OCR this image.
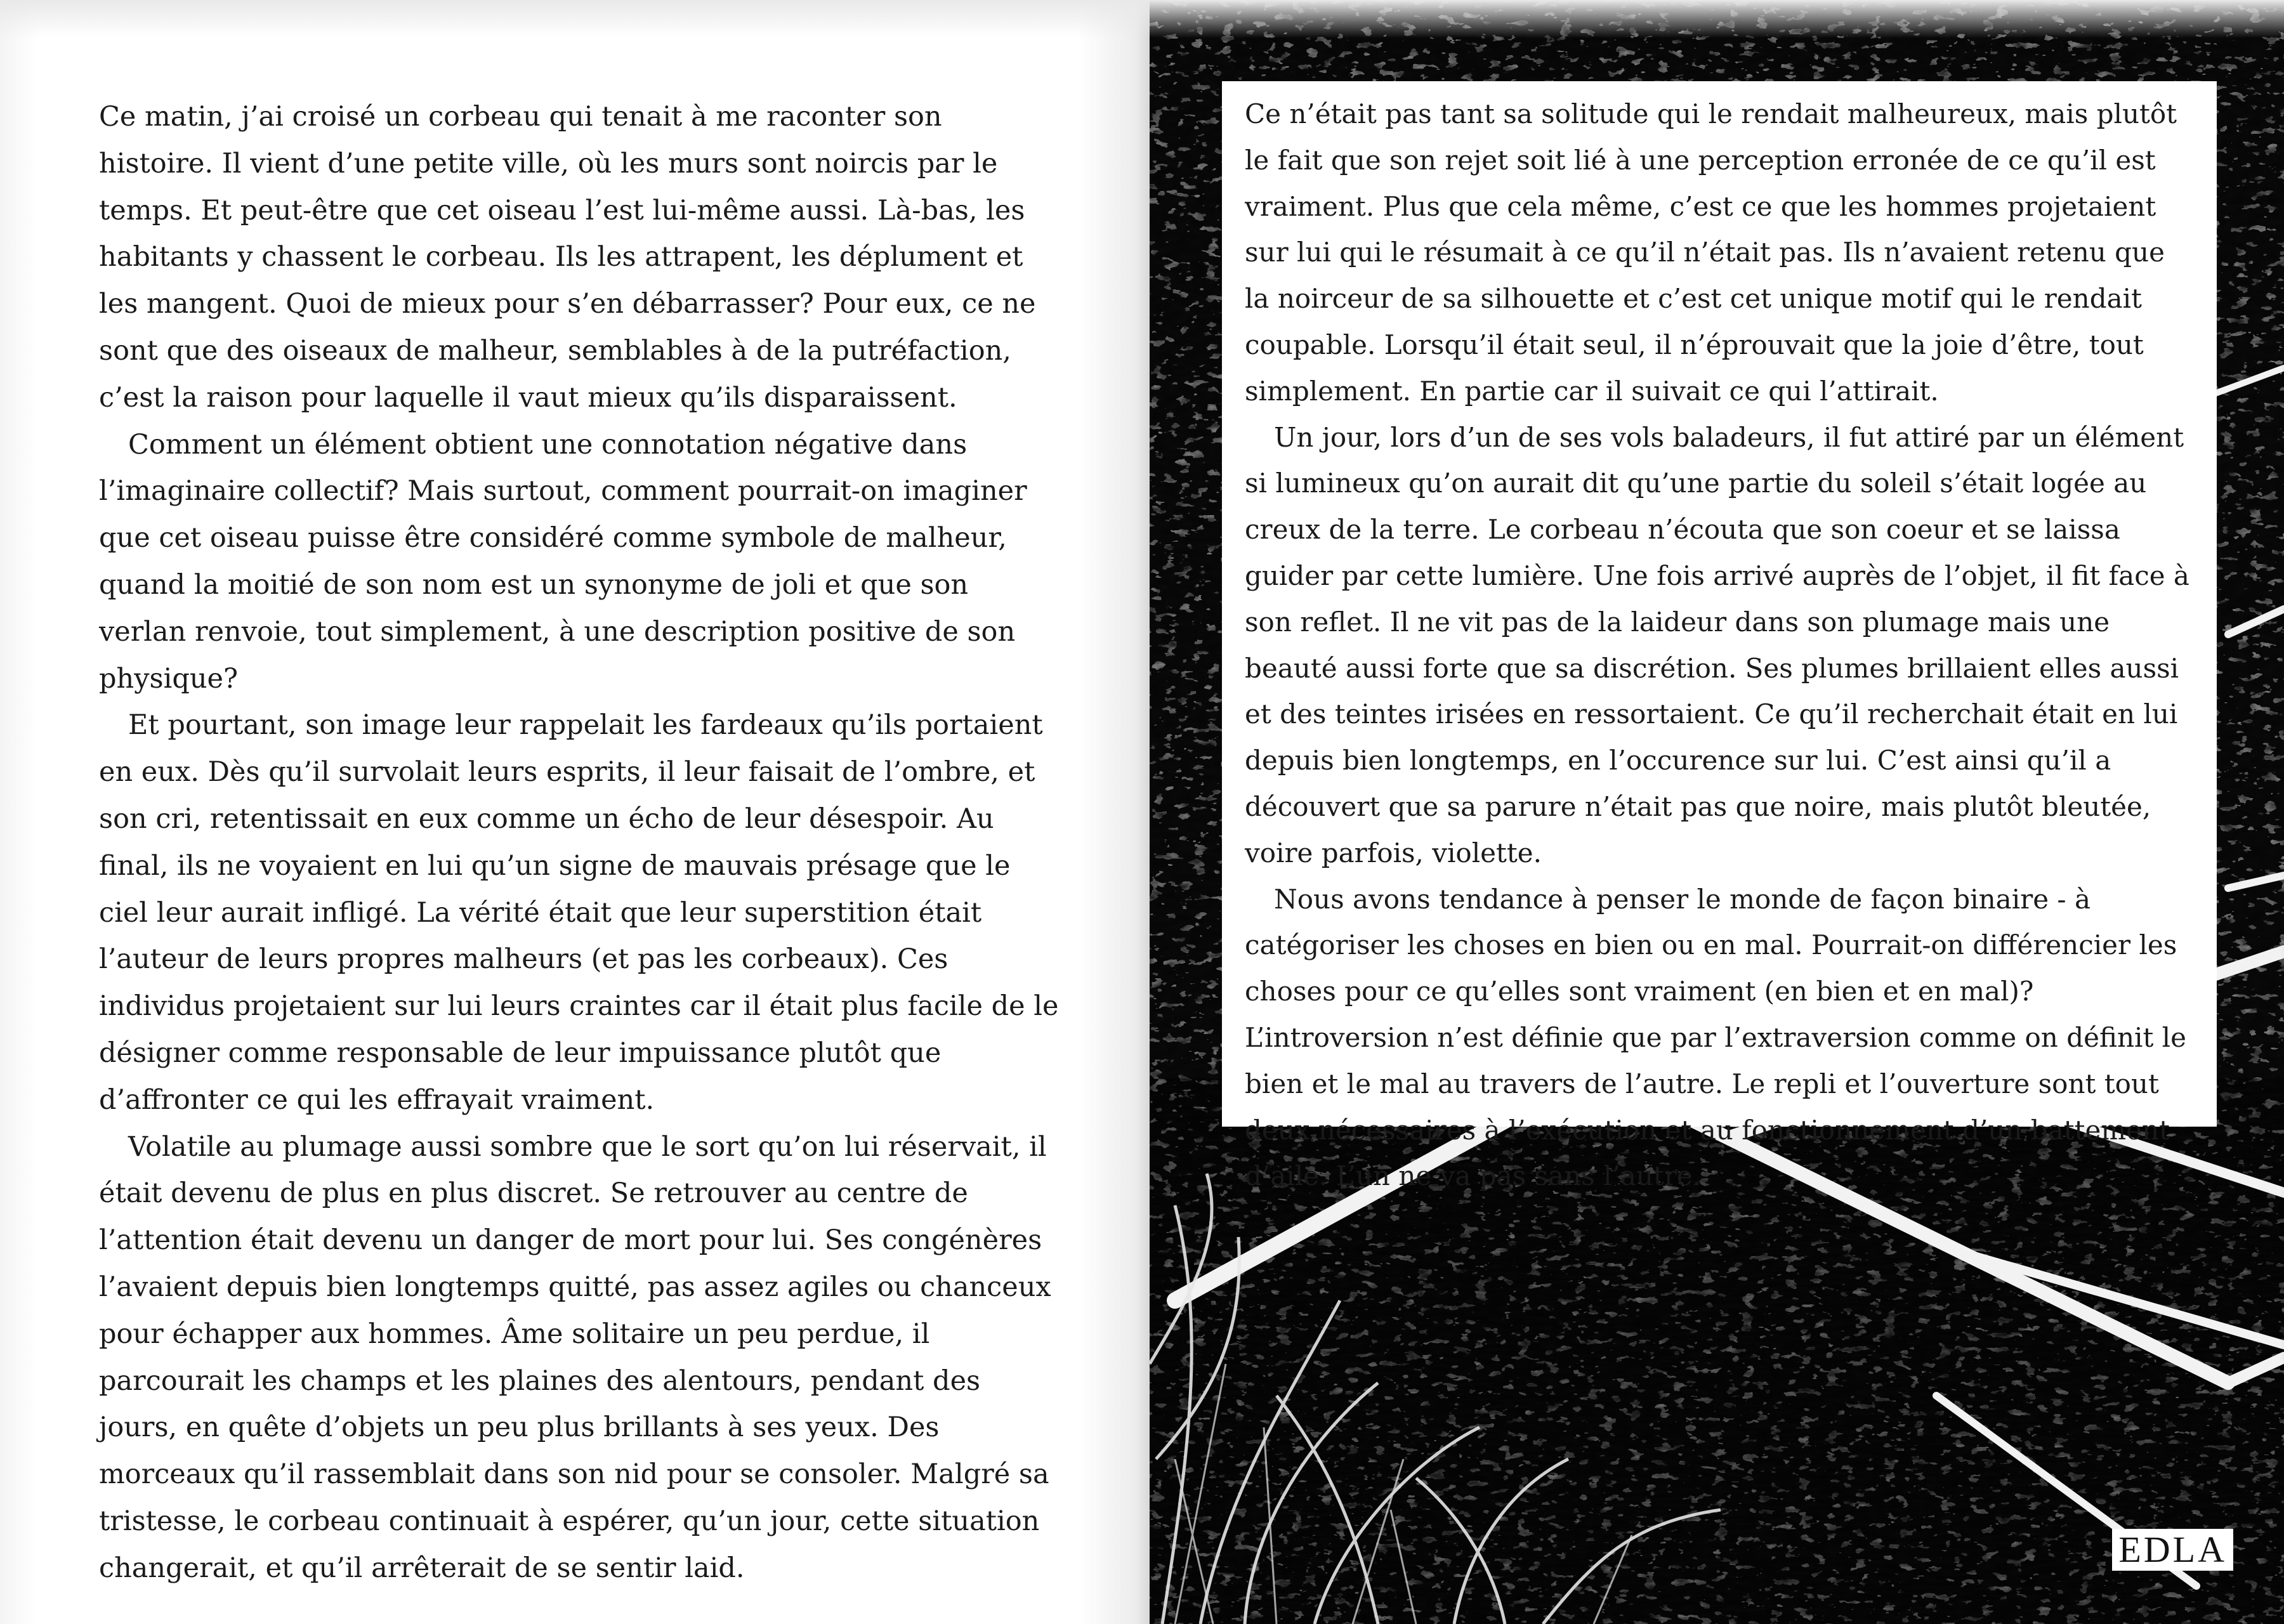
Ce matin, j’ai croisé un corbeau qui tenait à me raconter son histoire. Il vient d’une petite ville, où les murs sont noircis par le temps. Et peut-être que cet oiseau l’est lui-même aussi. Là-bas, les habitants y chassent le corbeau. Ils les attrapent, les déplument et les mangent. Quoi de mieux pour s’en débarrasser? Pour eux, ce ne sont que des oiseaux de malheur, semblables à de la putréfaction, c’est la raison pour laquelle il vaut mieux qu’ils disparaissent.

Comment un élément obtient une connotation négative dans l’imaginaire collectif? Mais surtout, comment pourrait-on imaginer que cet oiseau puisse être considéré comme symbole de malheur, quand la moitié de son nom est un synonyme de joli et que son verlan renvoie, tout simplement, à une description positive de son physique?

Et pourtant, son image leur rappelait les fardeaux qu’ils portaient en eux. Dès qu’il survolait leurs esprits, il leur faisait de l’ombre, et son cri, retentissait en eux comme un écho de leur désespoir. Au final, ils ne voyaient en lui qu’un signe de mauvais présage que le ciel leur aurait infligé. La vérité était que leur superstition était l’auteur de leurs propres malheurs (et pas les corbeaux). Ces individus projetaient sur lui leurs craintes car il était plus facile de le désigner comme responsable de leur impuissance plutôt que d’affronter ce qui les effrayait vraiment.

Volatile au plumage aussi sombre que le sort qu’on lui réservait, il était devenu de plus en plus discret. Se retrouver au centre de l’attention était devenu un danger de mort pour lui. Ses congénères l’avaient depuis bien longtemps quitté, pas assez agiles ou chanceux pour échapper aux hommes. Âme solitaire un peu perdue, il parcourait les champs et les plaines des alentours, pendant des jours, en quête d’objets un peu plus brillants à ses yeux. Des morceaux qu’il rassemblait dans son nid pour se consoler. Malgré sa tristesse, le corbeau continuait à espérer, qu’un jour, cette situation changerait, et qu’il arrêterait de se sentir laid.

Ce n’était pas tant sa solitude qui le rendait malheureux, mais plutôt le fait que son rejet soit lié à une perception erronée de ce qu’il est vraiment. Plus que cela même, c’est ce que les hommes projetaient sur lui qui le résumait à ce qu’il n’était pas. Ils n’avaient retenu que la noirceur de sa silhouette et c’est cet unique motif qui le rendait coupable. Lorsqu’il était seul, il n’éprouvait que la joie d’être, tout simplement. En partie car il suivait ce qui l’attirait.

Un jour, lors d’un de ses vols baladeurs, il fut attiré par un élément si lumineux qu’on aurait dit qu’une partie du soleil s’était logée au creux de la terre. Le corbeau n’écouta que son coeur et se laissa guider par cette lumière. Une fois arrivé auprès de l’objet, il fit face à son reflet. Il ne vit pas de la laideur dans son plumage mais une beauté aussi forte que sa discrétion. Ses plumes brillaient elles aussi et des teintes irisées en ressortaient. Ce qu’il recherchait était en lui depuis bien longtemps, en l’occurence sur lui. C’est ainsi qu’il a découvert que sa parure n’était pas que noire, mais plutôt bleutée, voire parfois, violette.

Nous avons tendance à penser le monde de façon binaire - à catégoriser les choses en bien ou en mal. Pourrait-on différencier les choses pour ce qu’elles sont vraiment (en bien et en mal)? L’introversion n’est définie que par l’extraversion comme on définit le bien et le mal au travers de l’autre. Le repli et l’ouverture sont tout deux nécessaires à l’exécution et au fonctionnement d’un battement d’aile. L’un ne va pas sans l’autre.

EDLA
